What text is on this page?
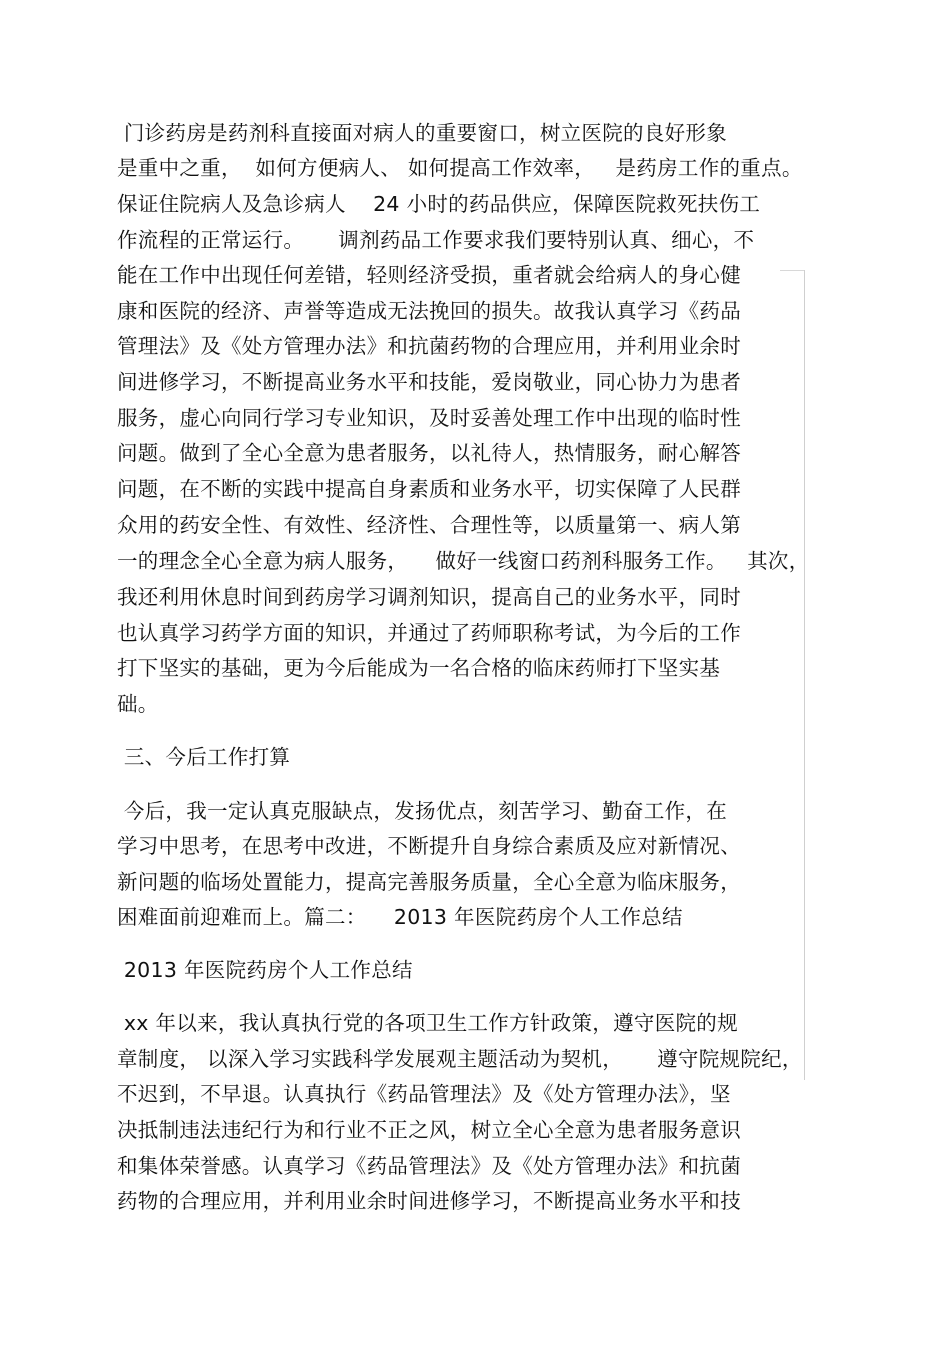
门诊药房是药剂科直接面对病人的重要窗口，树立医院的良好形象
是重中之重，  如何方便病人、 如何提高工作效率，   是药房工作的重点。
保证住院病人及急诊病人    24 小时的药品供应，保障医院救死扶伤工
作流程的正常运行。     调剂药品工作要求我们要特别认真、细心，不
能在工作中出现任何差错，轻则经济受损，重者就会给病人的身心健
康和医院的经济、声誉等造成无法挽回的损失。故我认真学习《药品
管理法》及《处方管理办法》和抗菌药物的合理应用，并利用业余时
间进修学习，不断提高业务水平和技能，爱岗敬业，同心协力为患者
服务，虚心向同行学习专业知识，及时妥善处理工作中出现的临时性
问题。做到了全心全意为患者服务，以礼待人，热情服务，耐心解答
问题，在不断的实践中提高自身素质和业务水平，切实保障了人民群
众用的药安全性、有效性、经济性、合理性等，以质量第一、病人第
一的理念全心全意为病人服务，    做好一线窗口药剂科服务工作。   其次，
我还利用休息时间到药房学习调剂知识，提高自己的业务水平，同时
也认真学习药学方面的知识，并通过了药师职称考试，为今后的工作
打下坚实的基础，更为今后能成为一名合格的临床药师打下坚实基
础。
三、今后工作打算
今后，我一定认真克服缺点，发扬优点，刻苦学习、勤奋工作，在
学习中思考，在思考中改进，不断提升自身综合素质及应对新情况、
新问题的临场处置能力，提高完善服务质量，全心全意为临床服务，
困难面前迎难而上。篇二：    2013 年医院药房个人工作总结
2013 年医院药房个人工作总结
xx 年以来，我认真执行党的各项卫生工作方针政策，遵守医院的规
章制度， 以深入学习实践科学发展观主题活动为契机，     遵守院规院纪，
不迟到，不早退。认真执行《药品管理法》及《处方管理办法》，坚
决抵制违法违纪行为和行业不正之风，树立全心全意为患者服务意识
和集体荣誉感。认真学习《药品管理法》及《处方管理办法》和抗菌
药物的合理应用，并利用业余时间进修学习，不断提高业务水平和技
